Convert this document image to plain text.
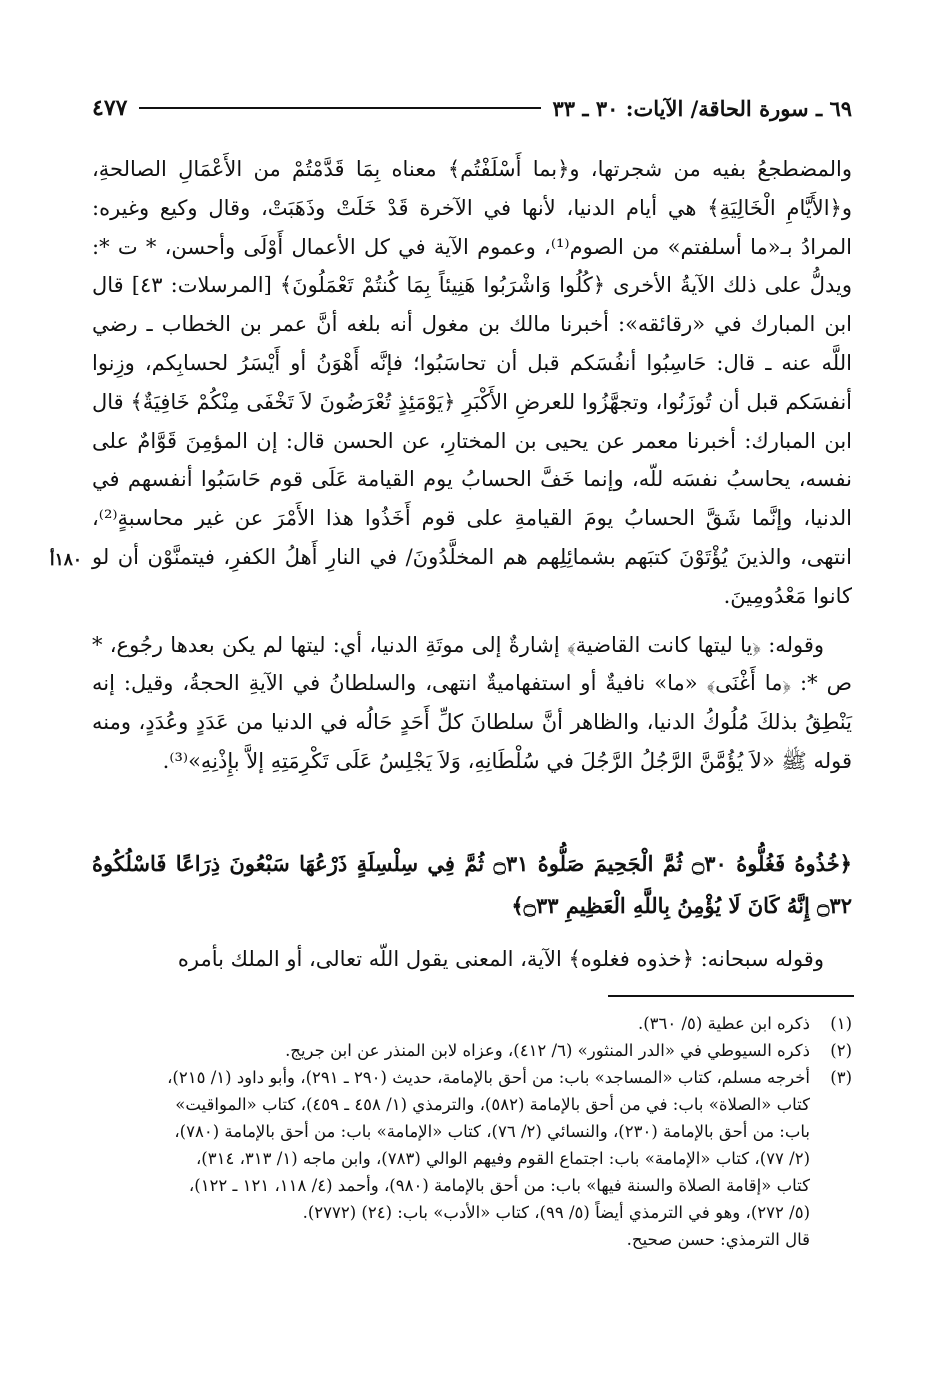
٦٩ ـ سورة الحاقة/ الآيات: ٣٠ ـ ٣٣
٤٧٧
١٨٠أ

والمضطجعُ بفيه من شجرتها، و﴿بما أَسْلَفْتُم﴾ معناه بِمَا قَدَّمْتُمْ من الأَعْمَالِ الصالحةِ، و﴿الأَيَّامِ الْخَالِيَةِ﴾ هي أيام الدنيا، لأنها في الآخرة قَدْ خَلَتْ وذَهَبَتْ، وقال وكيع وغيره: المرادُ بـ«ما أسلفتم» من الصوم⁽¹⁾، وعموم الآية في كل الأعمال أَوْلَى وأحسن، * ت *: ويدلُّ على ذلك الآيةُ الأخرى ﴿كُلُوا وَاشْرَبُوا هَنِيئاً بِمَا كُنتُمْ تَعْمَلُونَ﴾ [المرسلات: ٤٣] قال ابن المبارك في «رقائقه»: أخبرنا مالك بن مغول أنه بلغه أنَّ عمر بن الخطاب ـ رضي اللَّه عنه ـ قال: حَاسِبُوا أنفُسَكم قبل أن تحاسَبُوا؛ فإنَّه أَهْوَنُ أو أَيْسَرُ لحسابِكم، وزِنوا أنفسَكم قبل أن تُوزَنُوا، وتجهَّزُوا للعرضِ الأَكْبَرِ ﴿يَوْمَئِذٍ تُعْرَضُونَ لاَ تَخْفَى مِنْكُمْ خَافِيَةٌ﴾ قال ابن المبارك: أخبرنا معمر عن يحيى بن المختارِ، عن الحسن قال: إن المؤمِنَ قَوَّامٌ على نفسه، يحاسبُ نفسَه للّه، وإنما خَفَّ الحسابُ يوم القيامة عَلَى قوم حَاسَبُوا أنفسهم في الدنيا، وإنَّما شَقَّ الحسابُ يومَ القيامةِ على قوم أَخَذُوا هذا الأَمْرَ عن غير محاسبةٍ⁽²⁾، انتهى، والذينَ يُؤْتَوْنَ كتبَهم بشمائِلِهم هم المخلَّدُونَ/ في النارِ أَهلُ الكفرِ، فيتمنَّوْن أن لو كانوا مَعْدُومِينَ.

وقوله: ﴿يا ليتها كانت القاضية﴾ إشارةٌ إلى موتَةِ الدنيا، أي: ليتها لم يكن بعدها رجُوع، * ص *: ﴿ما أَغْنَى﴾ «ما» نافيةٌ أو استفهاميةٌ انتهى، والسلطانُ في الآيةِ الحجةُ، وقيل: إنه يَنْطِقُ بذلكَ مُلُوكُ الدنيا، والظاهر أنَّ سلطانَ كلِّ أَحَدٍ حَالُه في الدنيا من عَدَدٍ وعُدَدٍ، ومنه قوله ﷺ «لاَ يُؤُمَّنَّ الرَّجُلُ الرَّجُلَ في سُلْطَانِهِ، وَلاَ يَجْلِسُ عَلَى تَكْرِمَتِهِ إلاَّ بإِذْنِهِ»⁽³⁾.

﴿خُذُوهُ فَغُلُّوهُ ۝٣٠ ثُمَّ الْجَحِيمَ صَلُّوهُ ۝٣١ ثُمَّ فِي سِلْسِلَةٍ ذَرْعُهَا سَبْعُونَ ذِرَاعًا فَاسْلُكُوهُ ۝٣٢ إِنَّهُ كَانَ لَا يُؤْمِنُ بِاللَّهِ الْعَظِيمِ ۝٣٣﴾
وقوله سبحانه: ﴿خذوه فغلوه﴾ الآية، المعنى يقول اللّه تعالى، أو الملك بأمره
(١)
ذكره ابن عطية (٥/ ٣٦٠).
(٢)
ذكره السيوطي في «الدر المنثور» (٦/ ٤١٢)، وعزاه لابن المنذر عن ابن جريج.
(٣)
أخرجه مسلم، كتاب «المساجد» باب: من أحق بالإمامة، حديث (٢٩٠ ـ ٢٩١)، وأبو داود (١/ ٢١٥)،
كتاب «الصلاة» باب: في من أحق بالإمامة (٥٨٢)، والترمذي (١/ ٤٥٨ ـ ٤٥٩)، كتاب «المواقيت»
باب: من أحق بالإمامة (٢٣٠)، والنسائي (٢/ ٧٦)، كتاب «الإمامة» باب: من أحق بالإمامة (٧٨٠)،
(٢/ ٧٧)، كتاب «الإمامة» باب: اجتماع القوم وفيهم الوالي (٧٨٣)، وابن ماجه (١/ ٣١٣، ٣١٤)،
كتاب «إقامة الصلاة والسنة فيها» باب: من أحق بالإمامة (٩٨٠)، وأحمد (٤/ ١١٨، ١٢١ ـ ١٢٢)،
(٥/ ٢٧٢)، وهو في الترمذي أيضاً (٥/ ٩٩)، كتاب «الأدب» باب: (٢٤) (٢٧٧٢).
قال الترمذي: حسن صحيح.
